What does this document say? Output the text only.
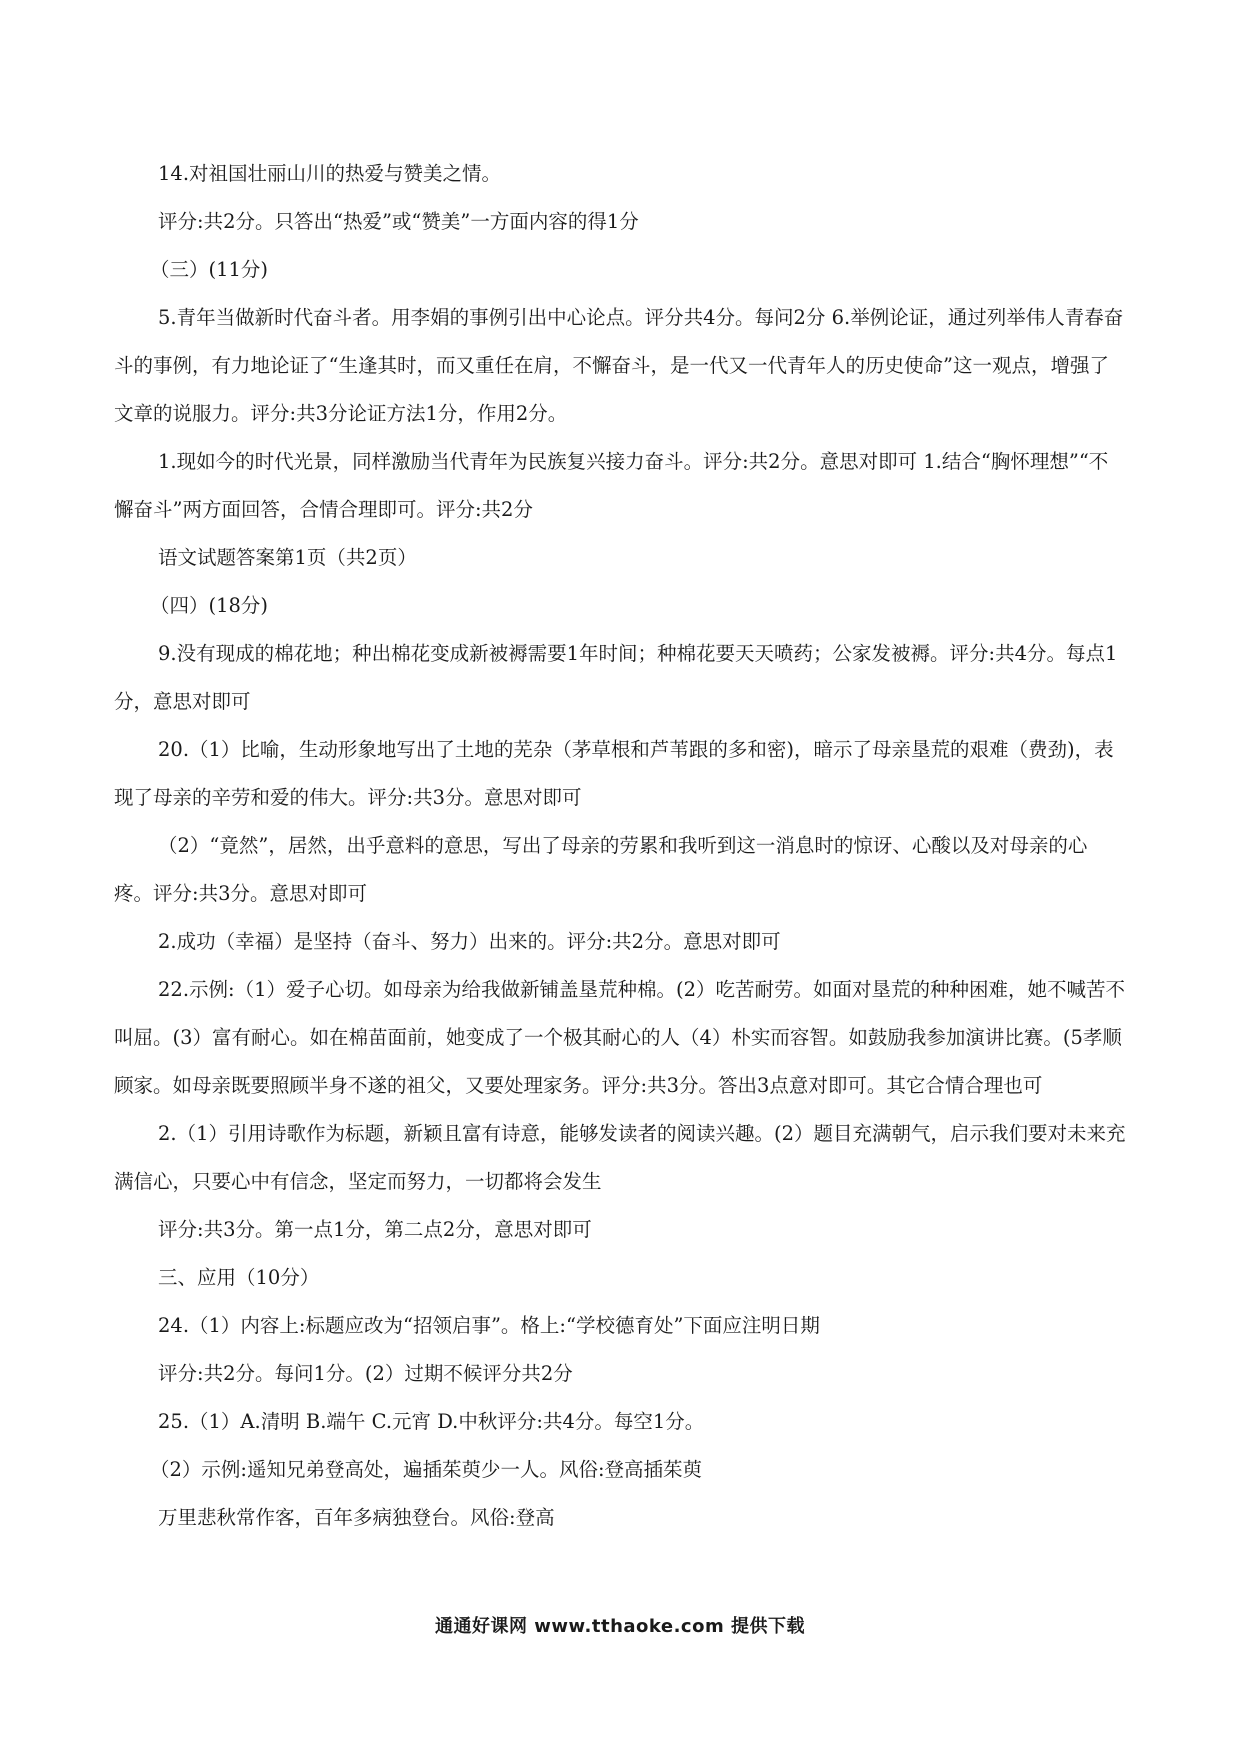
14.对祖国壮丽山川的热爱与赞美之情。

评分:共2分。只答出“热爱”或“赞美”一方面内容的得1分

（三）(11分)

5.青年当做新时代奋斗者。用李娟的事例引出中心论点。评分共4分。每问2分 6.举例论证，通过列举伟人青春奋斗的事例，有力地论证了“生逢其时，而又重任在肩，不懈奋斗，是一代又一代青年人的历史使命”这一观点，增强了文章的说服力。评分:共3分论证方法1分，作用2分。

1.现如今的时代光景，同样激励当代青年为民族复兴接力奋斗。评分:共2分。意思对即可 1.结合“胸怀理想”“不懈奋斗”两方面回答，合情合理即可。评分:共2分

语文试题答案第1页（共2页）

（四）(18分)

9.没有现成的棉花地；种出棉花变成新被褥需要1年时间；种棉花要天天喷药；公家发被褥。评分:共4分。每点1分，意思对即可

20.（1）比喻，生动形象地写出了土地的芜杂（茅草根和芦苇跟的多和密)，暗示了母亲垦荒的艰难（费劲)，表现了母亲的辛劳和爱的伟大。评分:共3分。意思对即可

（2）“竟然”，居然，出乎意料的意思，写出了母亲的劳累和我听到这一消息时的惊讶、心酸以及对母亲的心疼。评分:共3分。意思对即可

2.成功（幸福）是坚持（奋斗、努力）出来的。评分:共2分。意思对即可

22.示例:（1）爱子心切。如母亲为给我做新铺盖垦荒种棉。(2）吃苦耐劳。如面对垦荒的种种困难，她不喊苦不叫屈。(3）富有耐心。如在棉苗面前，她变成了一个极其耐心的人（4）朴实而容智。如鼓励我参加演讲比赛。(5孝顺顾家。如母亲既要照顾半身不遂的祖父，又要处理家务。评分:共3分。答出3点意对即可。其它合情合理也可

2.（1）引用诗歌作为标题，新颖且富有诗意，能够发读者的阅读兴趣。(2）题目充满朝气，启示我们要对未来充满信心，只要心中有信念，坚定而努力，一切都将会发生

评分:共3分。第一点1分，第二点2分，意思对即可

三、应用（10分）

24.（1）内容上:标题应改为“招领启事”。格上:“学校德育处”下面应注明日期

评分:共2分。每问1分。(2）过期不候评分共2分

25.（1）A.清明 B.端午 C.元宵 D.中秋评分:共4分。每空1分。

（2）示例:遥知兄弟登高处，遍插茱萸少一人。风俗:登高插茱萸

万里悲秋常作客，百年多病独登台。风俗:登高

通通好课网 www.tthaoke.com 提供下载
